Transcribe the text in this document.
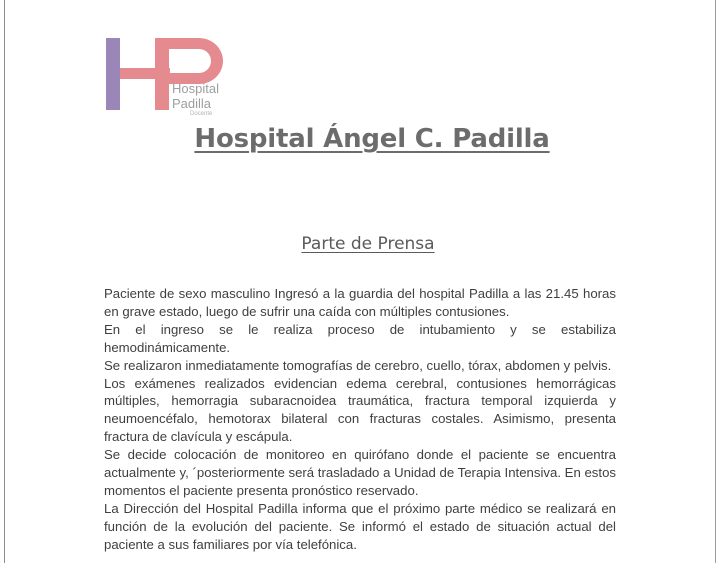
Hospital
Padilla
Docente
Hospital Ángel C. Padilla
Parte de Prensa

Paciente de sexo masculino Ingresó a la guardia del hospital Padilla a las 21.45 horas en grave estado, luego de sufrir una caída con múltiples contusiones.

En el ingreso se le realiza proceso de intubamiento y se estabiliza hemodinámicamente.

Se realizaron inmediatamente tomografías de cerebro, cuello, tórax, abdomen y pelvis.

Los exámenes realizados evidencian edema cerebral, contusiones hemorrágicas múltiples, hemorragia subaracnoidea traumática, fractura temporal izquierda y neumoencéfalo, hemotorax bilateral con fracturas costales. Asimismo, presenta fractura de clavícula y escápula.

Se decide colocación de monitoreo en quirófano donde el paciente se encuentra actualmente y, ´posteriormente será trasladado a Unidad de Terapia Intensiva. En estos momentos el paciente presenta pronóstico reservado.

La Dirección del Hospital Padilla informa que el próximo parte médico se realizará en función de la evolución del paciente. Se informó el estado de situación actual del paciente a sus familiares por vía telefónica.
